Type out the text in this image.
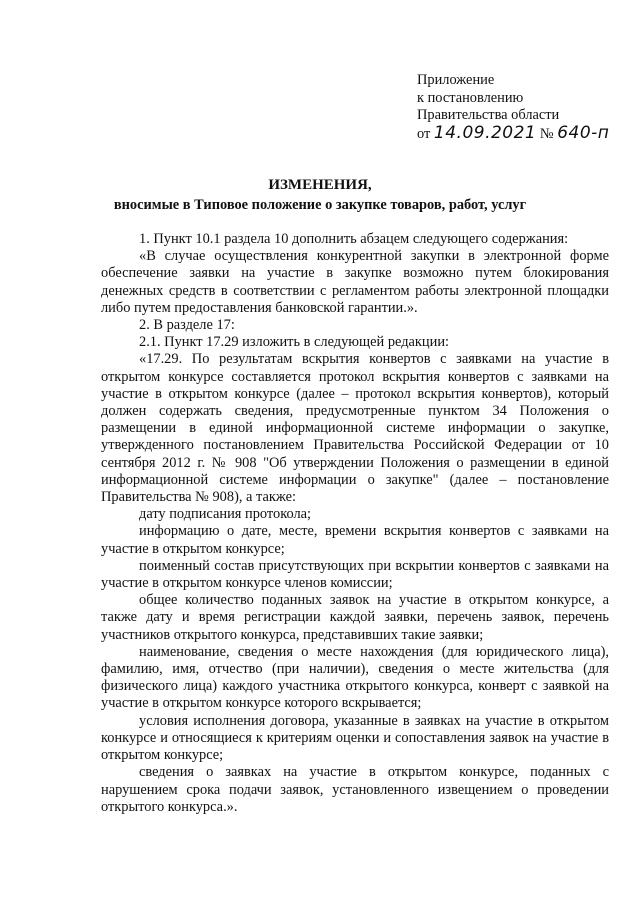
Приложение
к постановлению
Правительства области
от 14.09.2021 № 640-п
ИЗМЕНЕНИЯ,
вносимые в Типовое положение о закупке товаров, работ, услуг

1. Пункт 10.1 раздела 10 дополнить абзацем следующего содержания:

«В случае осуществления конкурентной закупки в электронной форме обеспечение заявки на участие в закупке возможно путем блокирования денежных средств в соответствии с регламентом работы электронной площадки либо путем предоставления банковской гарантии.».

2. В разделе 17:

2.1. Пункт 17.29 изложить в следующей редакции:

«17.29. По результатам вскрытия конвертов с заявками на участие в открытом конкурсе составляется протокол вскрытия конвертов с заявками на участие в открытом конкурсе (далее – протокол вскрытия конвертов), который должен содержать сведения, предусмотренные пунктом 34 Положения о размещении в единой информационной системе информации о закупке, утвержденного постановлением Правительства Российской Федерации от 10 сентября 2012 г. № 908 "Об утверждении Положения о размещении в единой информационной системе информации о закупке" (далее – постановление Правительства № 908), а также:

дату подписания протокола;

информацию о дате, месте, времени вскрытия конвертов с заявками на участие в открытом конкурсе;

поименный состав присутствующих при вскрытии конвертов с заявками на участие в открытом конкурсе членов комиссии;

общее количество поданных заявок на участие в открытом конкурсе, а также дату и время регистрации каждой заявки, перечень заявок, перечень участников открытого конкурса, представивших такие заявки;

наименование, сведения о месте нахождения (для юридического лица), фамилию, имя, отчество (при наличии), сведения о месте жительства (для физического лица) каждого участника открытого конкурса, конверт с заявкой на участие в открытом конкурсе которого вскрывается;

условия исполнения договора, указанные в заявках на участие в открытом конкурсе и относящиеся к критериям оценки и сопоставления заявок на участие в открытом конкурсе;

сведения о заявках на участие в открытом конкурсе, поданных с нарушением срока подачи заявок, установленного извещением о проведении открытого конкурса.».
